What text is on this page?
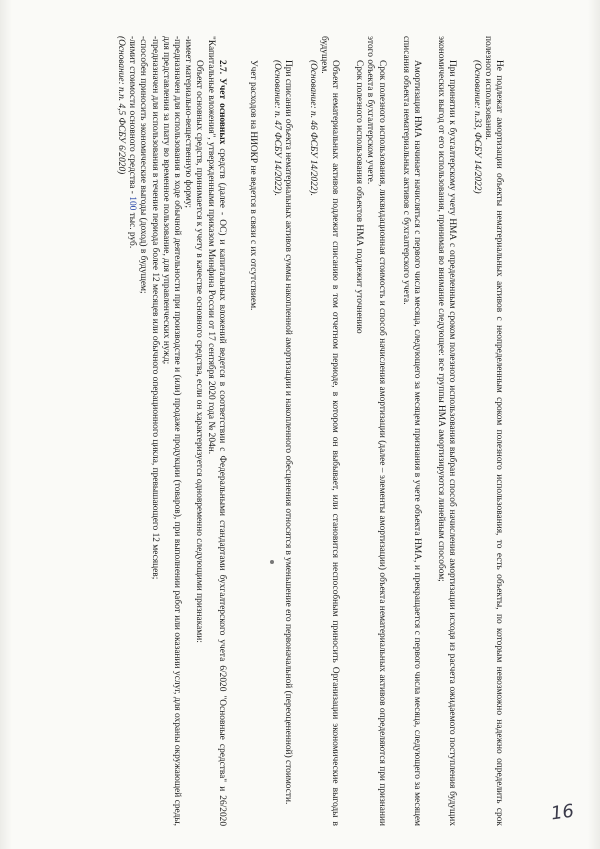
Не подлежат амортизации объекты нематериальных активов с неопределенным сроком полезного использования, то есть объекты, по которым невозможно надежно определить срок полезного использования.

(Основание: п.33, ФСБУ 14/2022)

При принятии к бухгалтерскому учету НМА с определенным сроком полезного использования выбран способ начисления амортизации исходя из расчета ожидаемого поступления будущих экономических выгод от его использования, принимая во внимание следующее: все группы НМА амортизируются линейным способом;

Амортизация НМА начинает начисляться с первого числа месяца, следующего за месяцем признания в учете объекта НМА, и прекращается с первого числа месяца, следующего за месяцем списания объекта нематериальных активов с бухгалтерского учета.

Срок полезного использования, ликвидационная стоимость и способ начисления амортизации (далее – элементы амортизации) объекта нематериальных активов определяются при признании этого объекта в бухгалтерском учете.

Срок полезного использования объектов НМА подлежит уточнению

Объект нематериальных активов подлежит списанию в том отчетном периоде, в котором он выбывает, или становится неспособным приносить Организации экономические выгоды в будущем.

(Основание: п. 46 ФСБУ 14/2022).

При списании объекта нематериальных активов суммы накопленной амортизации и накопленного обесценения относятся в уменьшение его первоначальной (переоцененной) стоимости.

(Основание: п. 47 ФСБУ 14/2022).

Учет расходов на НИОКР не ведется в связи с их отсутствием.

2.7. Учет основных средств (далее - ОС) и капитальных вложений ведется в соответствии с Федеральными стандартами бухгалтерского учета 6/2020 "Основные средства" и 26/2020 "Капитальные вложения", утвержденными приказом Минфина России от 17 сентября 2020 года № 204н.

Объект основных средств, принимается к учету в качестве основного средства, если он характеризуется одновременно следующими признаками:

-имеет материально-вещественную форму;

-предназначен для использования в ходе обычной деятельности при производстве и (или) продаже продукции (товаров), при выполнении работ или оказании услуг, для охраны окружающей среды, для представления за плату во временное пользование, для управленческих нужд;

-предназначен для использования в течение периода более 12 месяцев или обычного операционного цикла, превышающего 12 месяцев;

-способен приносить экономические выгоды (доход) в будущем;

-лимит стоимости основного средства - 100 тыс. руб.

(Основание: п.п. 4,5 ФСБУ 6/2020)

16
